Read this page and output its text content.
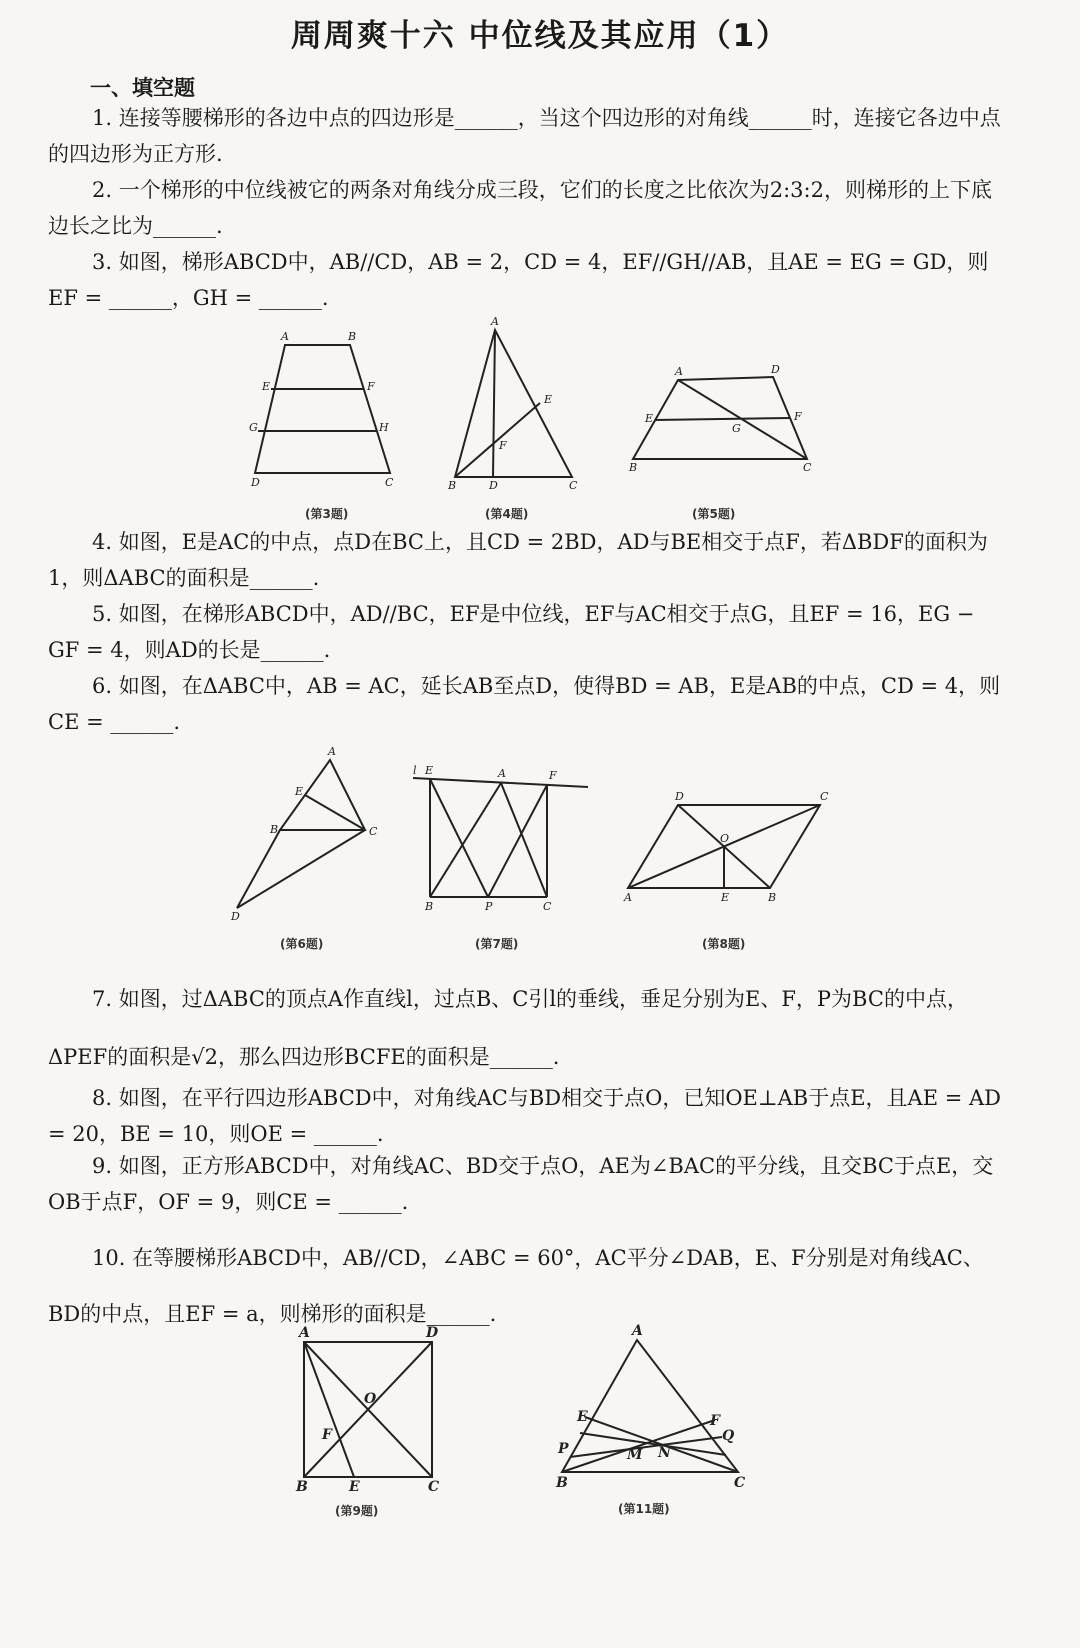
周周爽十六 中位线及其应用（1）
一、填空题
1. 连接等腰梯形的各边中点的四边形是______，当这个四边形的对角线______时，连接它各边中点的四边形为正方形.
2. 一个梯形的中位线被它的两条对角线分成三段，它们的长度之比依次为2:3:2，则梯形的上下底边长之比为______.
3. 如图，梯形ABCD中，AB//CD，AB = 2，CD = 4，EF//GH//AB，且AE = EG = GD，则EF = ______，GH = ______.
A	B
E	F
G	H
D	C
(第3题)
A
F
E
B	D	C
(第4题)
A	D
E	F
G
B	C
(第5题)
4. 如图，E是AC的中点，点D在BC上，且CD = 2BD，AD与BE相交于点F，若ΔBDF的面积为1，则ΔABC的面积是______.
5. 如图，在梯形ABCD中，AD//BC，EF是中位线，EF与AC相交于点G，且EF = 16，EG − GF = 4，则AD的长是______.
6. 如图，在ΔABC中，AB = AC，延长AB至点D，使得BD = AB，E是AB的中点，CD = 4，则CE = ______.
A
E
B	C
D
(第6题)
E	A	F
l
B	P	C
(第7题)
D	C
O
A	E	B
(第8题)
7. 如图，过ΔABC的顶点A作直线l，过点B、C引l的垂线，垂足分别为E、F，P为BC的中点，ΔPEF的面积是√2，那么四边形BCFE的面积是______.
8. 如图，在平行四边形ABCD中，对角线AC与BD相交于点O，已知OE⊥AB于点E，且AE = AD = 20，BE = 10，则OE = ______.
9. 如图，正方形ABCD中，对角线AC、BD交于点O，AE为∠BAC的平分线，且交BC于点E，交OB于点F，OF = 9，则CE = ______.
10. 在等腰梯形ABCD中，AB//CD，∠ABC = 60°，AC平分∠DAB，E、F分别是对角线AC、BD的中点，且EF = a，则梯形的面积是______.
A	D
O
F
B	E	C
(第9题)
A
E	F
Q
P	M N
B	C
(第11题)
